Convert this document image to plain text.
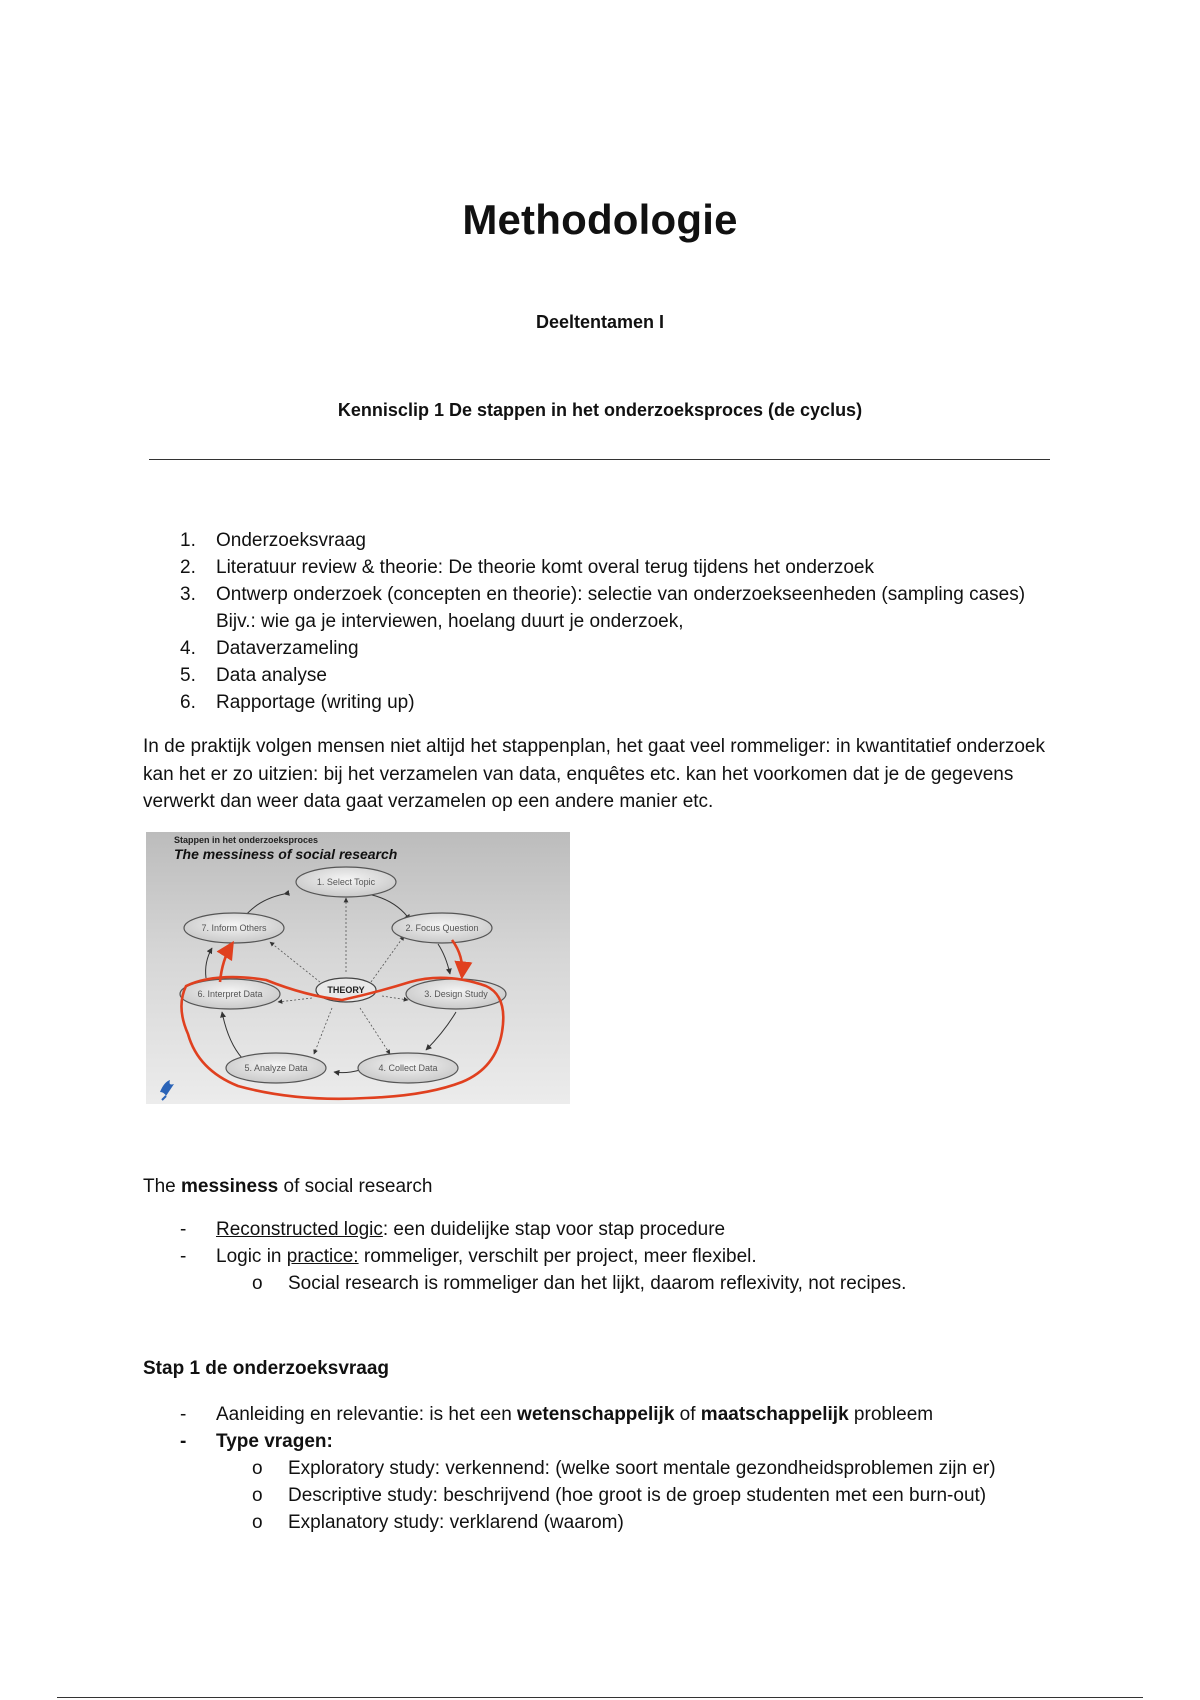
Methodologie
Deeltentamen I
Kennisclip 1 De stappen in het onderzoeksproces (de cyclus)
1.	Onderzoeksvraag
2.	Literatuur review & theorie: De theorie komt overal terug tijdens het onderzoek
3.	Ontwerp onderzoek (concepten en theorie): selectie van onderzoekseenheden (sampling cases) Bijv.: wie ga je interviewen, hoelang duurt je onderzoek,
4.	Dataverzameling
5.	Data analyse
6.	Rapportage (writing up)

In de praktijk volgen mensen niet altijd het stappenplan, het gaat veel rommeliger: in kwantitatief onderzoek kan het er zo uitzien: bij het verzamelen van data, enquêtes etc. kan het voorkomen dat je de gegevens verwerkt dan weer data gaat verzamelen op een andere manier etc.

Stappen in het onderzoeksproces
The messiness of social research
1. Select Topic
2. Focus Question
3. Design Study
4. Collect Data
5. Analyze Data
6. Interpret Data
7. Inform Others
THEORY

The messiness of social research

-	Reconstructed logic: een duidelijke stap voor stap procedure
-	Logic in practice: rommeliger, verschilt per project, meer flexibel.
o	Social research is rommeliger dan het lijkt, daarom reflexivity, not recipes.

Stap 1 de onderzoeksvraag

-	Aanleiding en relevantie: is het een wetenschappelijk of maatschappelijk probleem
-	Type vragen:
o	Exploratory study: verkennend: (welke soort mentale gezondheidsproblemen zijn er)
o	Descriptive study: beschrijvend (hoe groot is de groep studenten met een burn-out)
o	Explanatory study: verklarend (waarom)
